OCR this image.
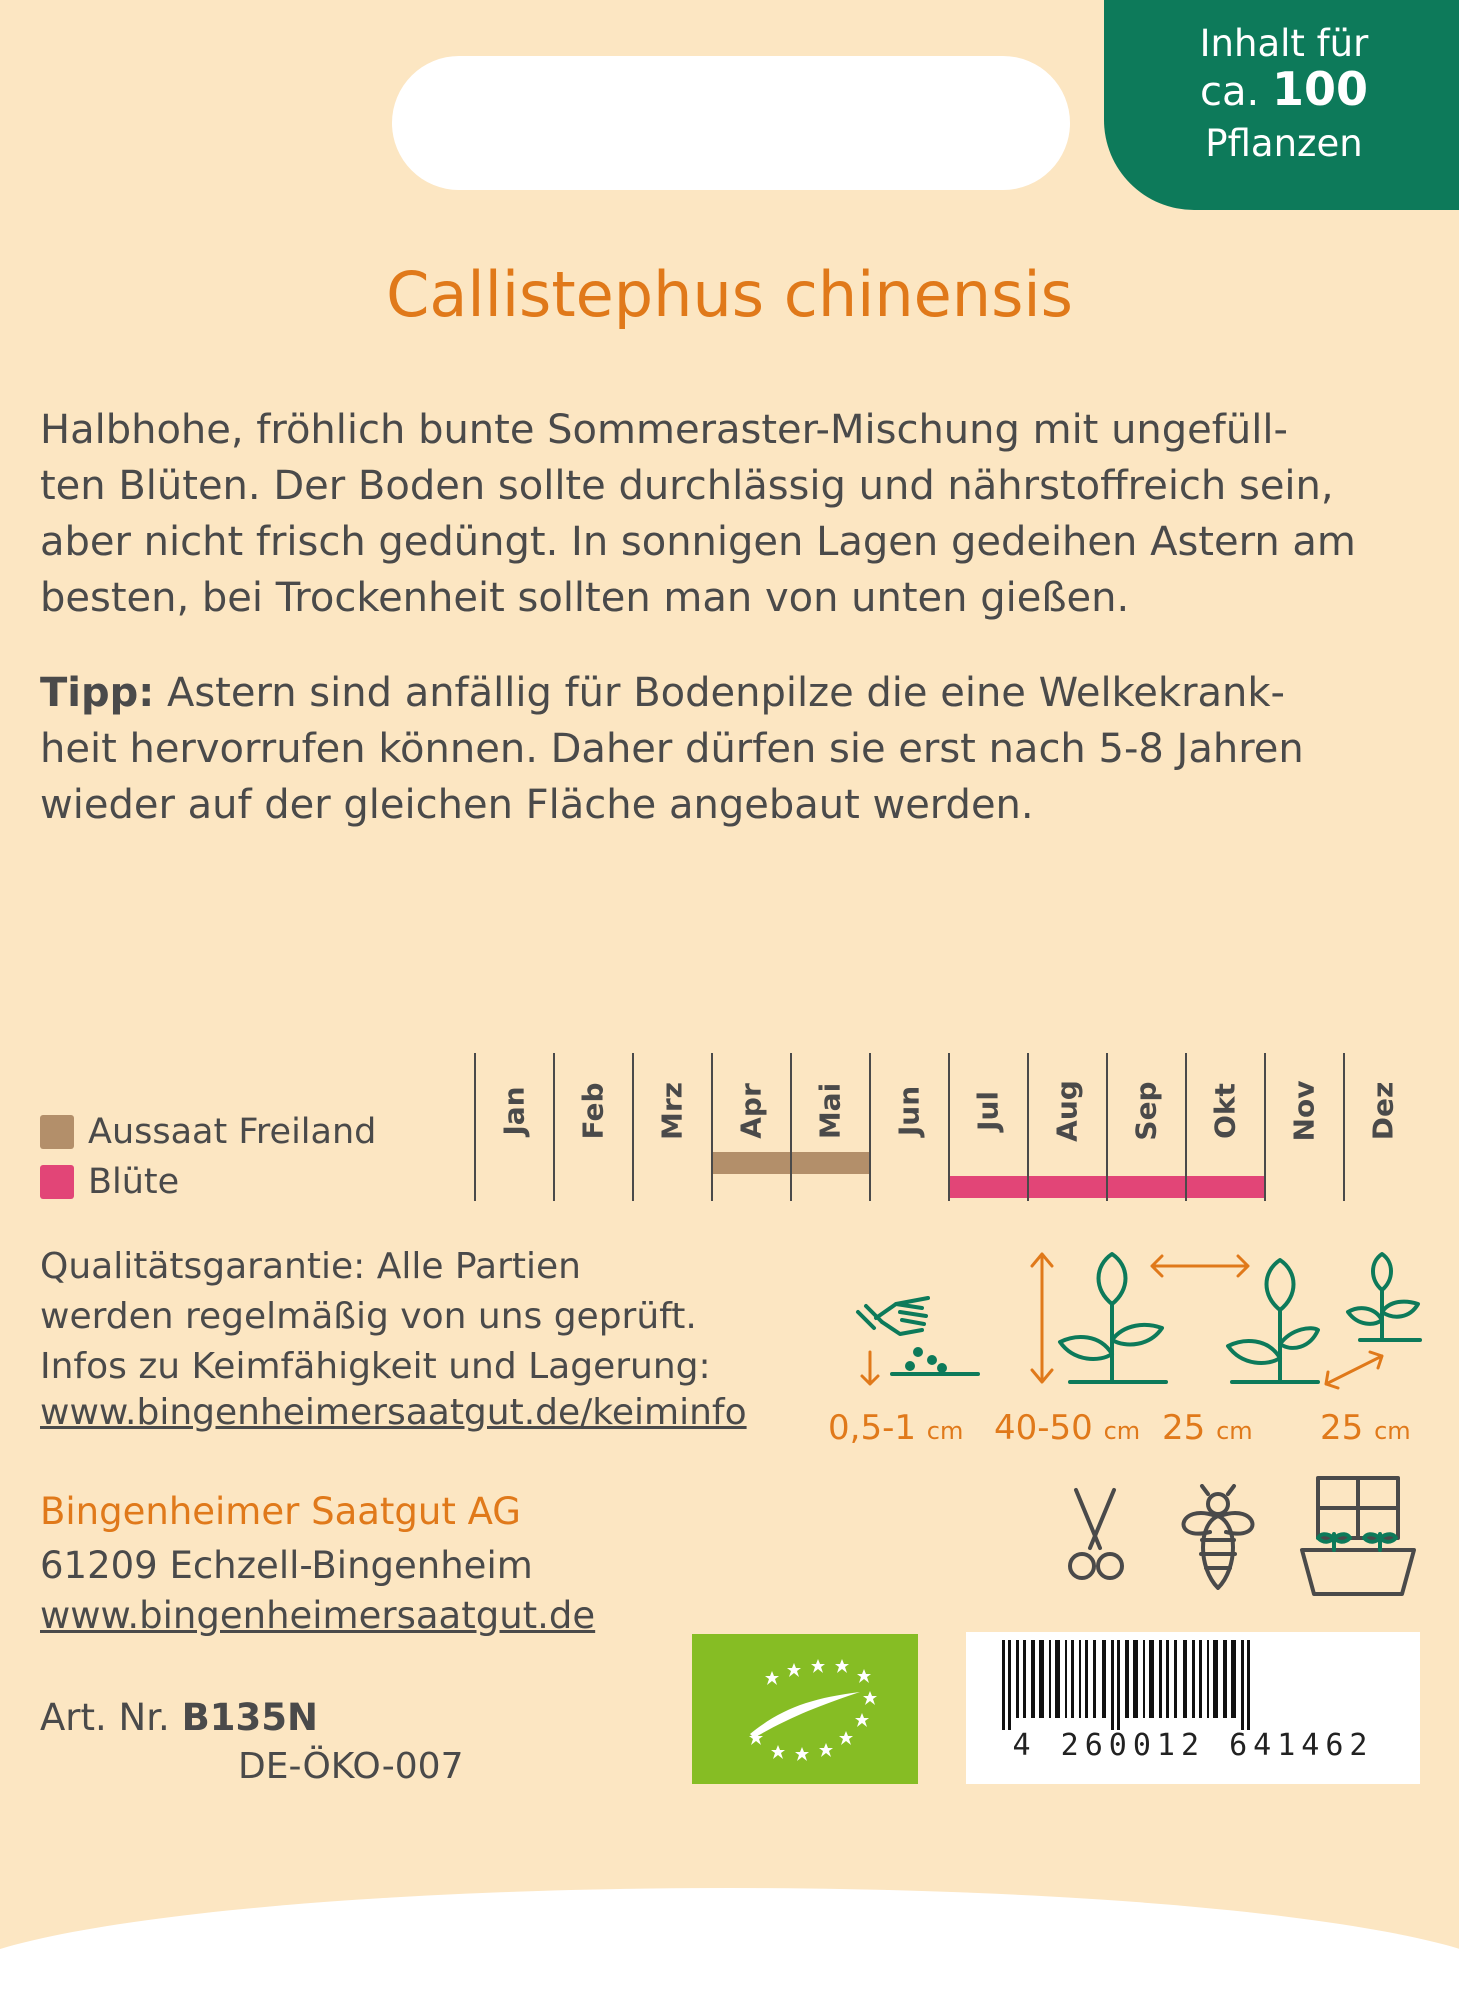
Inhalt für
ca. 100
Pflanzen
Callistephus chinensis
Halbhohe, fröhlich bunte Sommeraster-Mischung mit ungefüll-
ten Blüten. Der Boden sollte durchlässig und nährstoffreich sein,
aber nicht frisch gedüngt. In sonnigen Lagen gedeihen Astern am
besten, bei Trockenheit sollten man von unten gießen.
Tipp: Astern sind anfällig für Bodenpilze die eine Welkekrank-
heit hervorrufen können. Daher dürfen sie erst nach 5-8 Jahren
wieder auf der gleichen Fläche angebaut werden.
Aussaat Freiland
Blüte
Jan Feb Mrz Apr Mai Jun Jul Aug Sep Okt Nov Dez
Qualitätsgarantie: Alle Partien
werden regelmäßig von uns geprüft.
Infos zu Keimfähigkeit und Lagerung:
www.bingenheimersaatgut.de/keiminfo 0,5-1 cm 40-50 cm 25 cm 25 cm
Bingenheimer Saatgut AG
61209 Echzell-Bingenheim
www.bingenheimersaatgut.de
Art. Nr. B135N
DE-ÖKO-007
4 260012 641462
